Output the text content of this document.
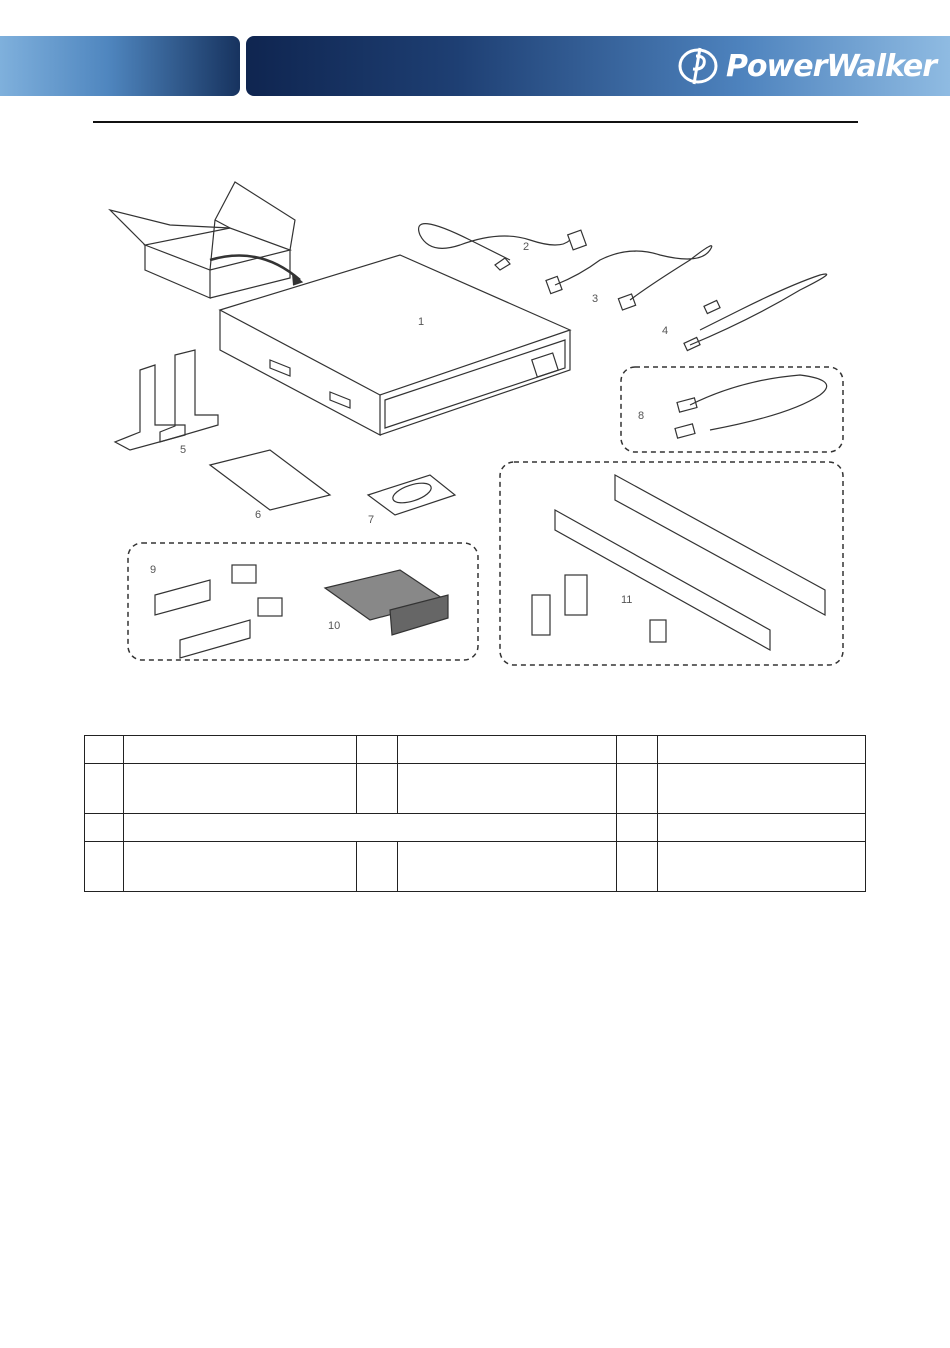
PowerWalker
1
2
3
4
5
6	7
8
9
10
11
